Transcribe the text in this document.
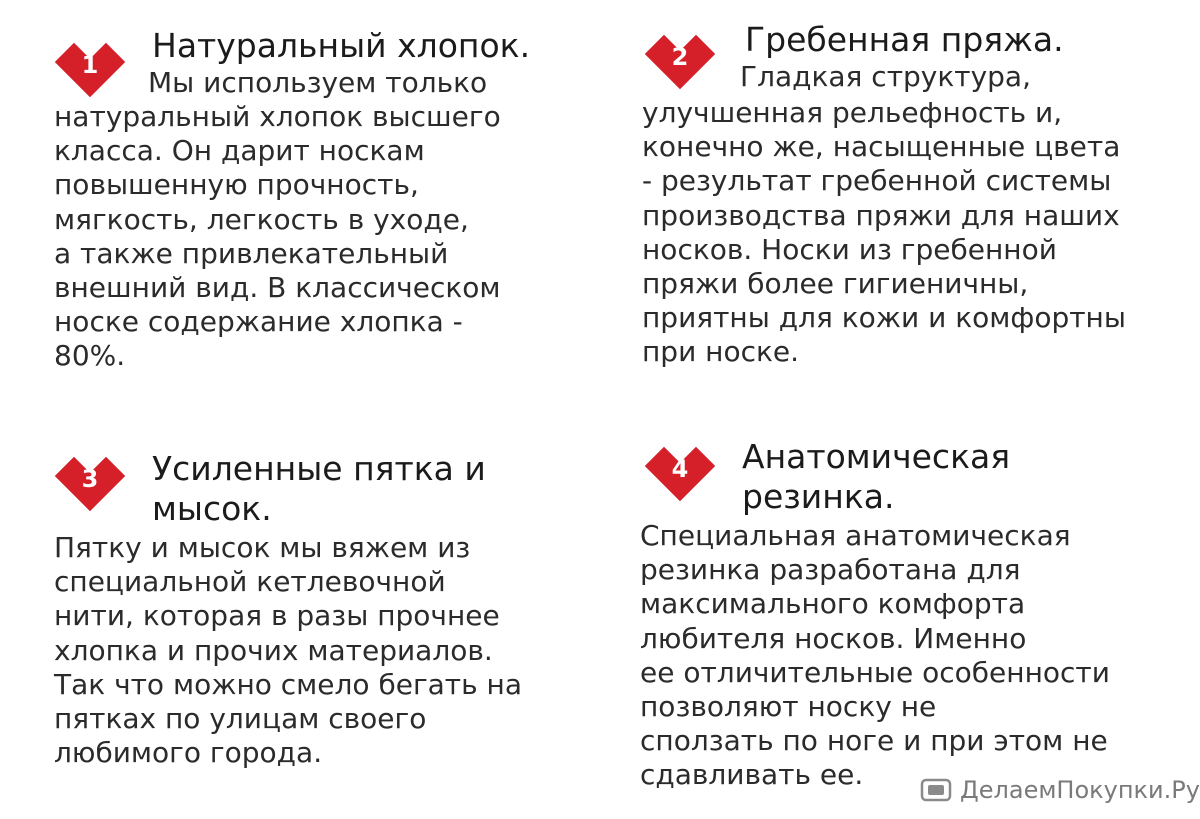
1
Натуральный хлопок.
Мы используем только
натуральный хлопок высшего
класса. Он дарит носкам
повышенную прочность,
мягкость, легкость в уходе,
а также привлекательный
внешний вид. В классическом
носке содержание хлопка -
80%.
2 Гребенная пряжа.
Гладкая структура,
улучшенная рельефность и,
конечно же, насыщенные цвета
- результат гребенной системы
производства пряжи для наших
носков. Носки из гребенной
пряжи более гигиеничны,
приятны для кожи и комфортны
при носке.
3 Усиленные пятка и
мысок.
Пятку и мысок мы вяжем из
специальной кетлевочной
нити, которая в разы прочнее
хлопка и прочих материалов.
Так что можно смело бегать на
пятках по улицам своего
любимого города.
4 Анатомическая
резинка.
Специальная анатомическая
резинка разработана для
максимального комфорта
любителя носков. Именно
ее отличительные особенности
позволяют носку не
сползать по ноге и при этом не
сдавливать ее.	ДелаемПокупки.Ру
